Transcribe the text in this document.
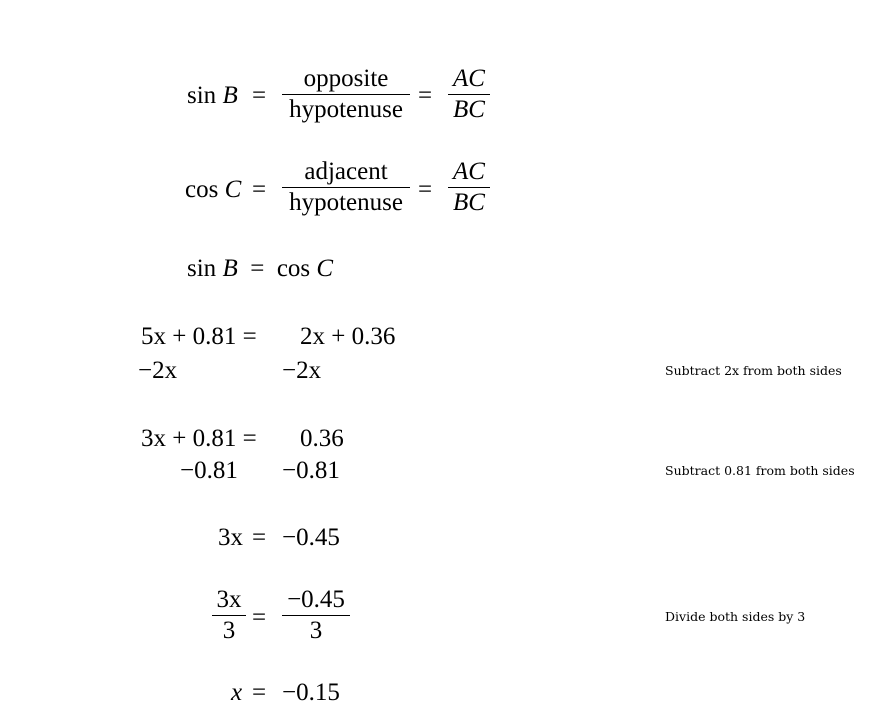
sin B =
opposite
hypotenuse
=
AC
BC
cos C =
adjacent
hypotenuse =
AC
BC
sin B = cos C
5x + 0.81 = 2x + 0.36
−2x	−2x	Subtract 2x from both sides
3x + 0.81 = 0.36
−0.81 −0.81	Subtract 0.81 from both sides
3x = −0.45
3x
3 =
−0.45
3
Divide both sides by 3
x = −0.15
